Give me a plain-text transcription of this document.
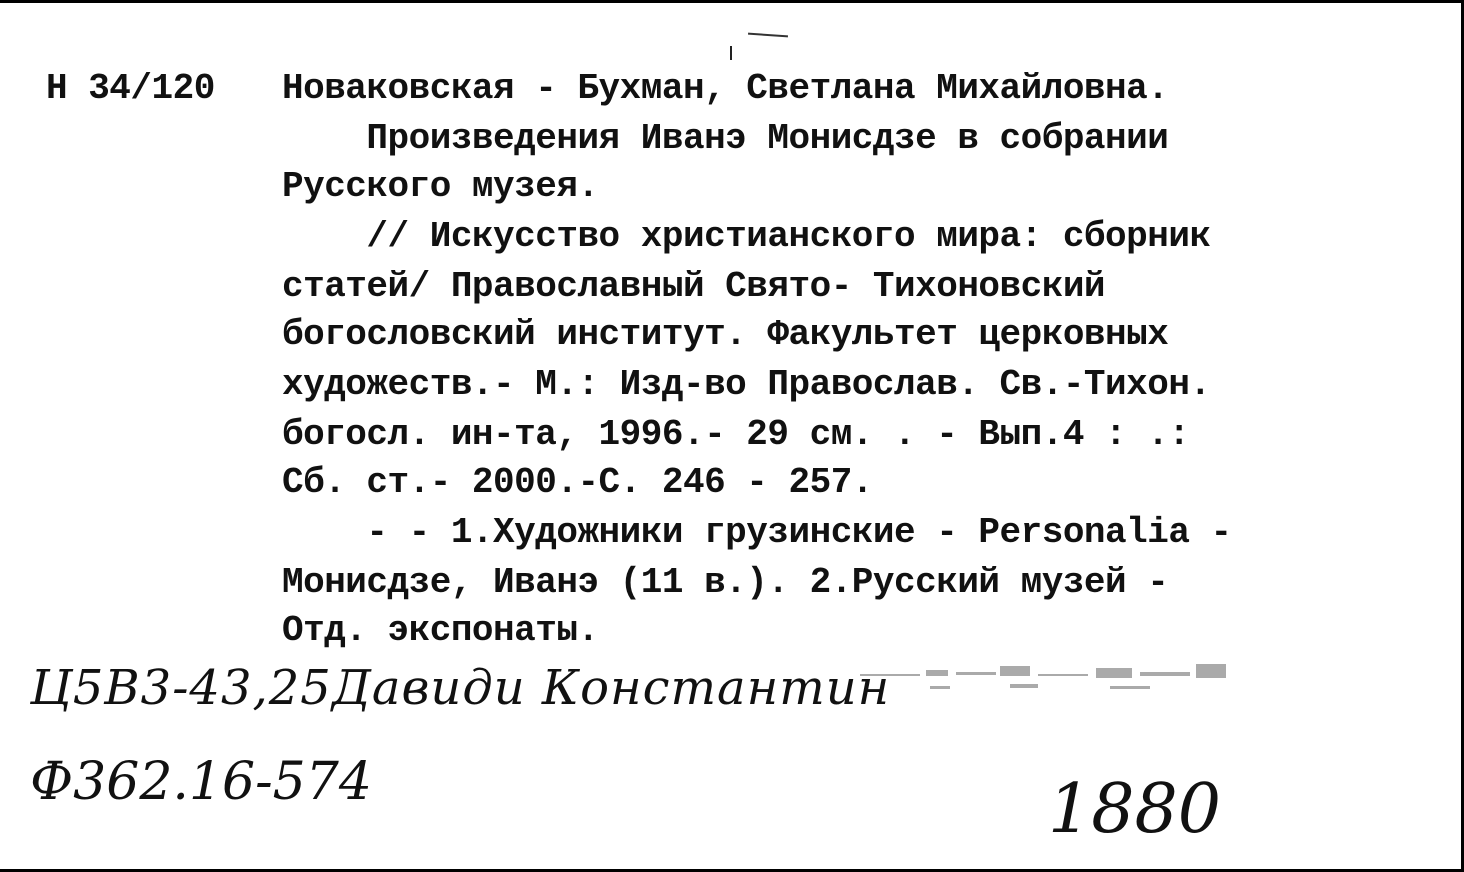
Н 34/120 Новаковская - Бухман, Светлана Михайловна.
Произведения Иванэ Монисдзе в собрании
Русского музея.
// Искусство христианского мира: сборник
статей/ Православный Свято- Тихоновский
богословский институт. Факультет церковных
художеств.- М.: Изд-во Православ. Св.-Тихон.
богосл. ин-та, 1996.- 29 см. . - Вып.4 : .:
Сб. ст.- 2000.-С. 246 - 257.
- - 1.Художники грузинские - Personalia -
Монисдзе, Иванэ (11 в.). 2.Русский музей -
Отд. экспонаты.
Ц5В3-43,25Давиди Константин
Ф362.16-574	1880
